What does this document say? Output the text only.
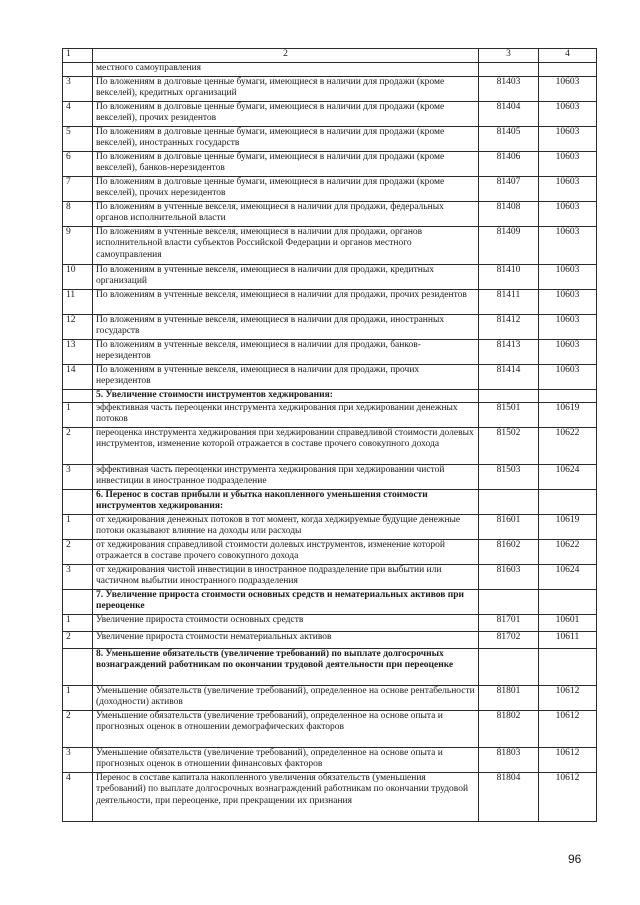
1	2	3	4
	местного самоуправления		
3	По вложениям в долговые ценные бумаги, имеющиеся в наличии для продажи (кроме векселей), кредитных организаций	81403	10603
4	По вложениям в долговые ценные бумаги, имеющиеся в наличии для продажи (кроме векселей), прочих резидентов	81404	10603
5	По вложениям в долговые ценные бумаги, имеющиеся в наличии для продажи (кроме векселей), иностранных государств	81405	10603
6	По вложениям в долговые ценные бумаги, имеющиеся в наличии для продажи (кроме векселей), банков-нерезидентов	81406	10603
7	По вложениям в долговые ценные бумаги, имеющиеся в наличии для продажи (кроме векселей), прочих нерезидентов	81407	10603
8	По вложениям в учтенные векселя, имеющиеся в наличии для продажи, федеральных органов исполнительной власти	81408	10603
9	По вложениям в учтенные векселя, имеющиеся в наличии для продажи, органов исполнительной власти субъектов Российской Федерации и органов местного самоуправления	81409	10603
10	По вложениям в учтенные векселя, имеющиеся в наличии для продажи, кредитных организаций	81410	10603
11	По вложениям в учтенные векселя, имеющиеся в наличии для продажи, прочих резидентов	81411	10603
12	По вложениям в учтенные векселя, имеющиеся в наличии для продажи, иностранных государств	81412	10603
13	По вложениям в учтенные векселя, имеющиеся в наличии для продажи, банков-нерезидентов	81413	10603
14	По вложениям в учтенные векселя, имеющиеся в наличии для продажи, прочих нерезидентов	81414	10603
	5. Увеличение стоимости инструментов хеджирования:		
1	эффективная часть переоценки инструмента хеджирования при хеджировании денежных потоков	81501	10619
2	переоценка инструмента хеджирования при хеджировании справедливой стоимости долевых инструментов, изменение которой отражается в составе прочего совокупного дохода	81502	10622
3	эффективная часть переоценки инструмента хеджирования при хеджировании чистой инвестиции в иностранное подразделение	81503	10624
	6. Перенос в состав прибыли и убытка накопленного уменьшения стоимости инструментов хеджирования:		
1	от хеджирования денежных потоков в тот момент, когда хеджируемые будущие денежные потоки оказывают влияние на доходы или расходы	81601	10619
2	от хеджирования справедливой стоимости долевых инструментов, изменение которой отражается в составе прочего совокупного дохода	81602	10622
3	от хеджирования чистой инвестиции в иностранное подразделение при выбытии или частичном выбытии иностранного подразделения	81603	10624
	7. Увеличение прироста стоимости основных средств и нематериальных активов при переоценке		
1	Увеличение прироста стоимости основных средств	81701	10601
2	Увеличение прироста стоимости нематериальных активов	81702	10611
	8. Уменьшение обязательств (увеличение требований) по выплате долгосрочных вознаграждений работникам по окончании трудовой деятельности при переоценке		
1	Уменьшение обязательств (увеличение требований), определенное на основе рентабельности (доходности) активов	81801	10612
2	Уменьшение обязательств (увеличение требований), определенное на основе опыта и прогнозных оценок в отношении демографических факторов	81802	10612
3	Уменьшение обязательств (увеличение требований), определенное на основе опыта и прогнозных оценок в отношении финансовых факторов	81803	10612
4	Перенос в составе капитала накопленного увеличения обязательств (уменьшения требований) по выплате долгосрочных вознаграждений работникам по окончании трудовой деятельности, при переоценке, при прекращении их признания	81804	10612
96
